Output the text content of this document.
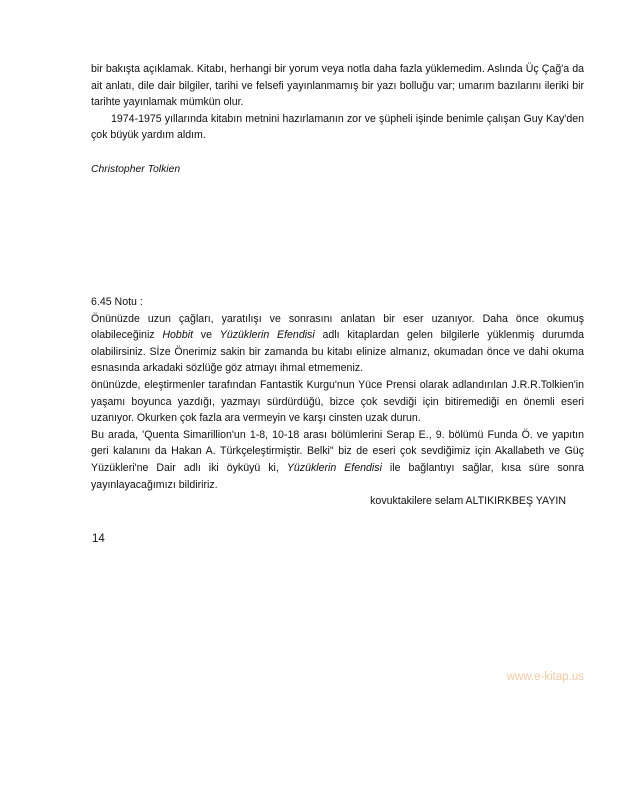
bir bakışta açıklamak. Kitabı, herhangi bir yorum veya notla daha fazla yüklemedim. Aslında Üç Çağ'a da ait anlatı, dile dair bilgiler, tarihi ve felsefi yayınlanmamış bir yazı bolluğu var; umarım bazılarını ileriki bir tarihte yayınlamak mümkün olur.

1974-1975 yıllarında kitabın metnini hazırlamanın zor ve şüpheli işinde benimle çalışan Guy Kay'den çok büyük yardım aldım.

Christopher Tolkien

6.45 Notu :

Önünüzde uzun çağları, yaratılışı ve sonrasını anlatan bir eser uzanıyor. Daha önce okumuş olabileceğiniz Hobbit ve Yüzüklerin Efendisi adlı kitaplardan gelen bilgilerle yüklenmiş durumda olabilirsiniz. Sİze Önerimiz sakin bir zamanda bu kitabı elinize almanız, okumadan önce ve dahi okuma esnasında arkadaki sözlüğe göz atmayı ihmal etmemeniz.

önünüzde, eleştirmenler tarafından Fantastik Kurgu'nun Yüce Prensi olarak adlandırılan J.R.R.Tolkien'in yaşamı boyunca yazdığı, yazmayı sürdürdüğü, bizce çok sevdiği için bitiremediği en önemli eseri uzanıyor. Okurken çok fazla ara vermeyin ve karşı cinsten uzak durun.

Bu arada, 'Quenta Simarillion'un 1-8, 10-18 arası bölümlerini Serap E., 9. bölümü Funda Ö. ve yapıtın geri kalanını da Hakan A. Türkçeleştirmiştir. Belki" biz de eseri çok sevdiğimiz için Akallabeth ve Güç Yüzükleri'ne Dair adlı iki öyküyü ki, Yüzüklerin Efendisi ile bağlantıyı sağlar, kısa süre sonra yayınlayacağımızı bildiririz.

kovuktakilere selam ALTIKIRKBEŞ YAYIN

14
www.e-kitap.us
